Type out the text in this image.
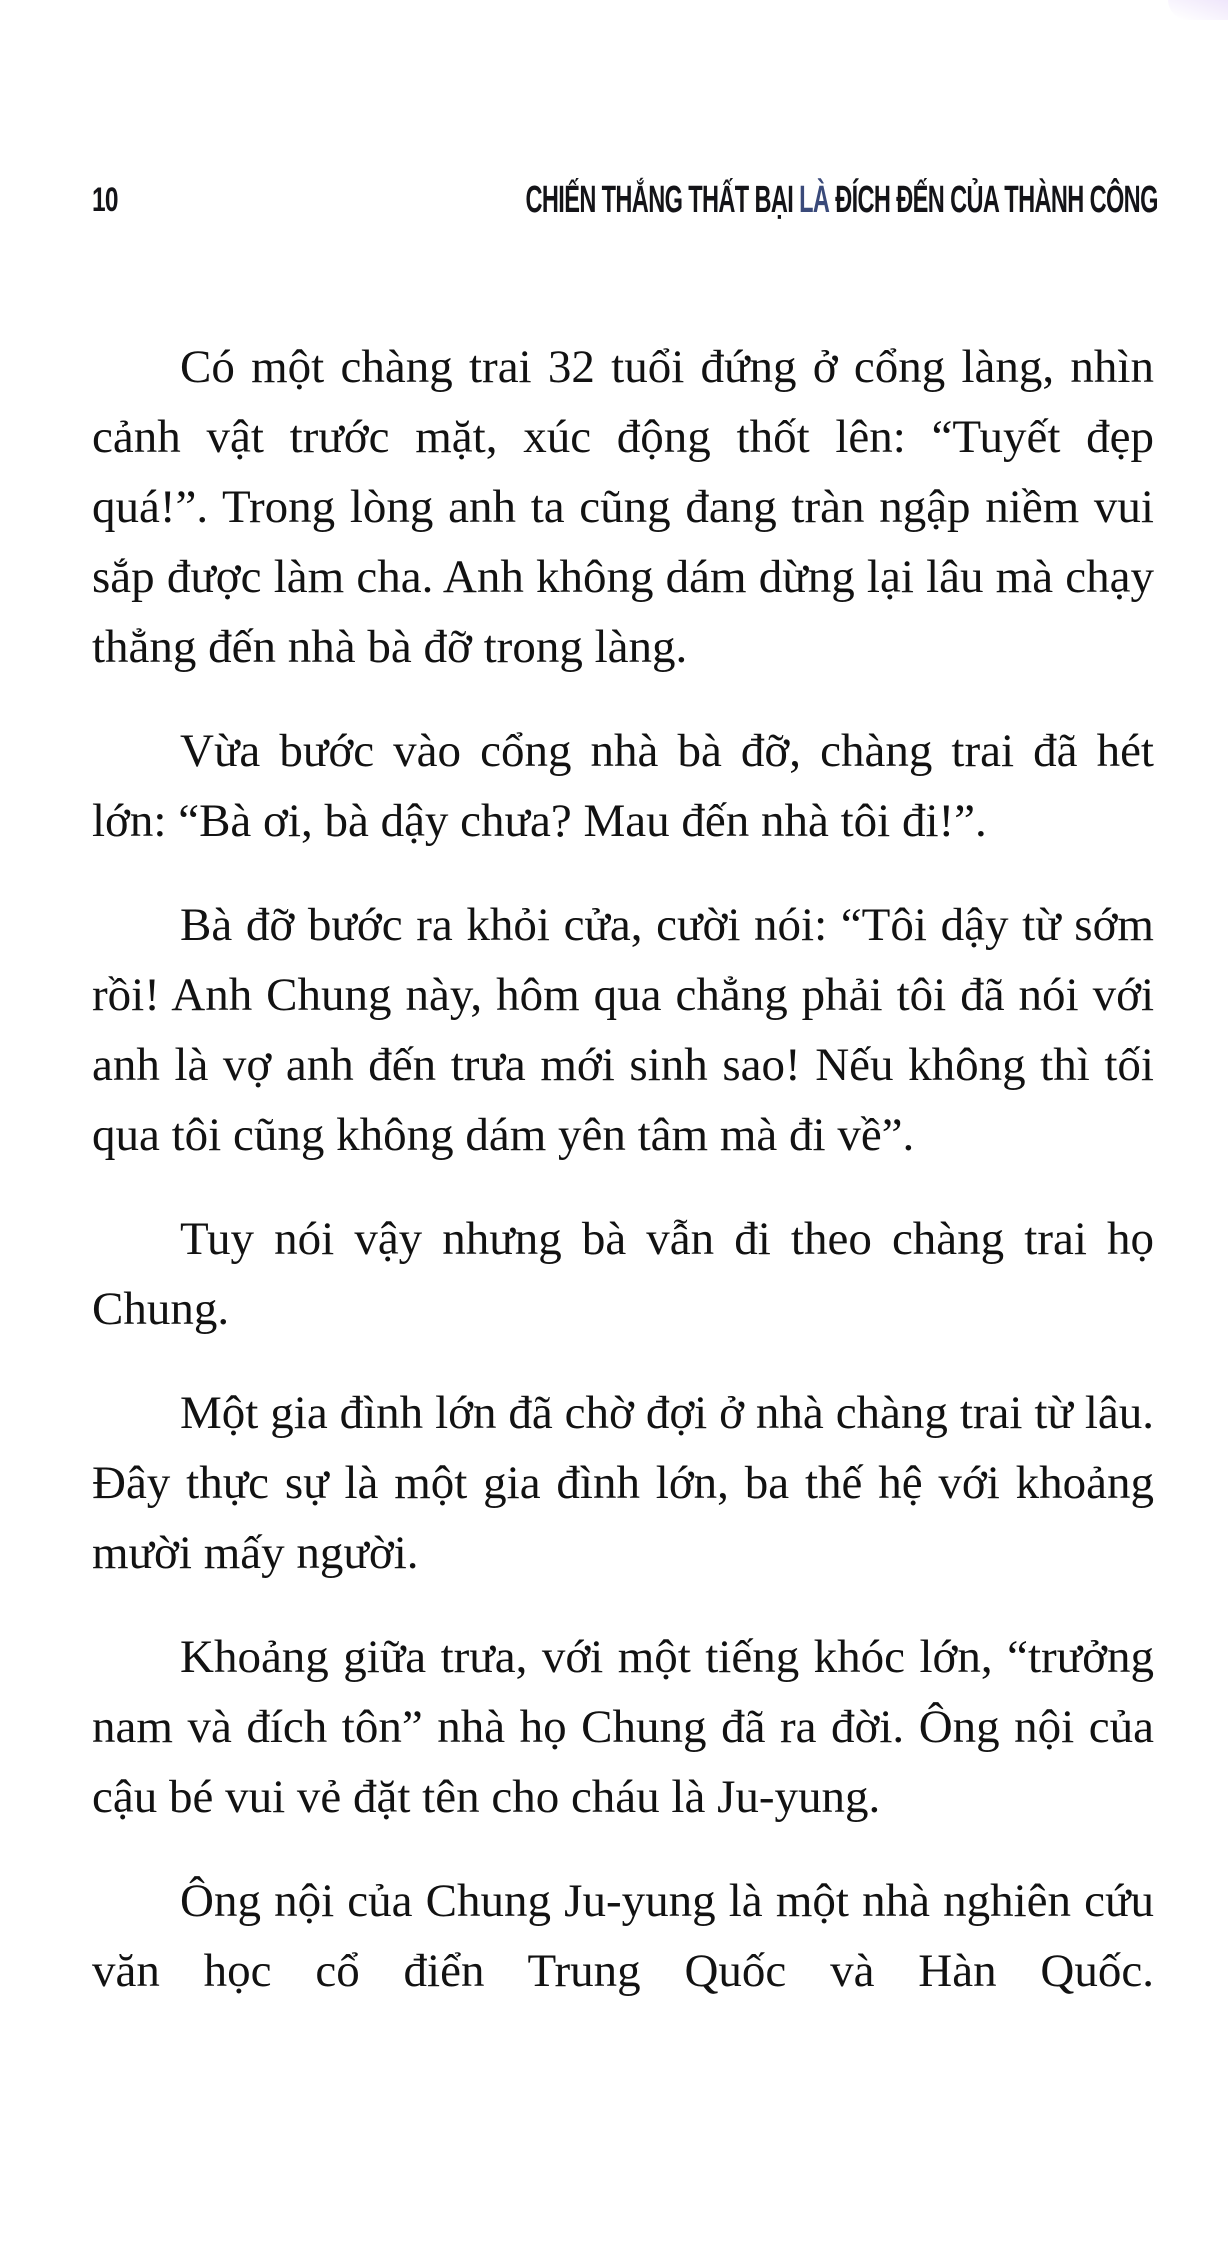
10	CHIẾN THẮNG THẤT BẠI LÀ ĐÍCH ĐẾN CỦA THÀNH CÔNG

Có một chàng trai 32 tuổi đứng ở cổng làng, nhìn cảnh vật trước mặt, xúc động thốt lên: “Tuyết đẹp quá!”. Trong lòng anh ta cũng đang tràn ngập niềm vui sắp được làm cha. Anh không dám dừng lại lâu mà chạy thẳng đến nhà bà đỡ trong làng.

Vừa bước vào cổng nhà bà đỡ, chàng trai đã hét lớn: “Bà ơi, bà dậy chưa? Mau đến nhà tôi đi!”.

Bà đỡ bước ra khỏi cửa, cười nói: “Tôi dậy từ sớm rồi! Anh Chung này, hôm qua chẳng phải tôi đã nói với anh là vợ anh đến trưa mới sinh sao! Nếu không thì tối qua tôi cũng không dám yên tâm mà đi về”.

Tuy nói vậy nhưng bà vẫn đi theo chàng trai họ Chung.

Một gia đình lớn đã chờ đợi ở nhà chàng trai từ lâu. Đây thực sự là một gia đình lớn, ba thế hệ với khoảng mười mấy người.

Khoảng giữa trưa, với một tiếng khóc lớn, “trưởng nam và đích tôn” nhà họ Chung đã ra đời. Ông nội của cậu bé vui vẻ đặt tên cho cháu là Ju-yung.

Ông nội của Chung Ju-yung là một nhà nghiên cứu văn học cổ điển Trung Quốc và Hàn Quốc.
